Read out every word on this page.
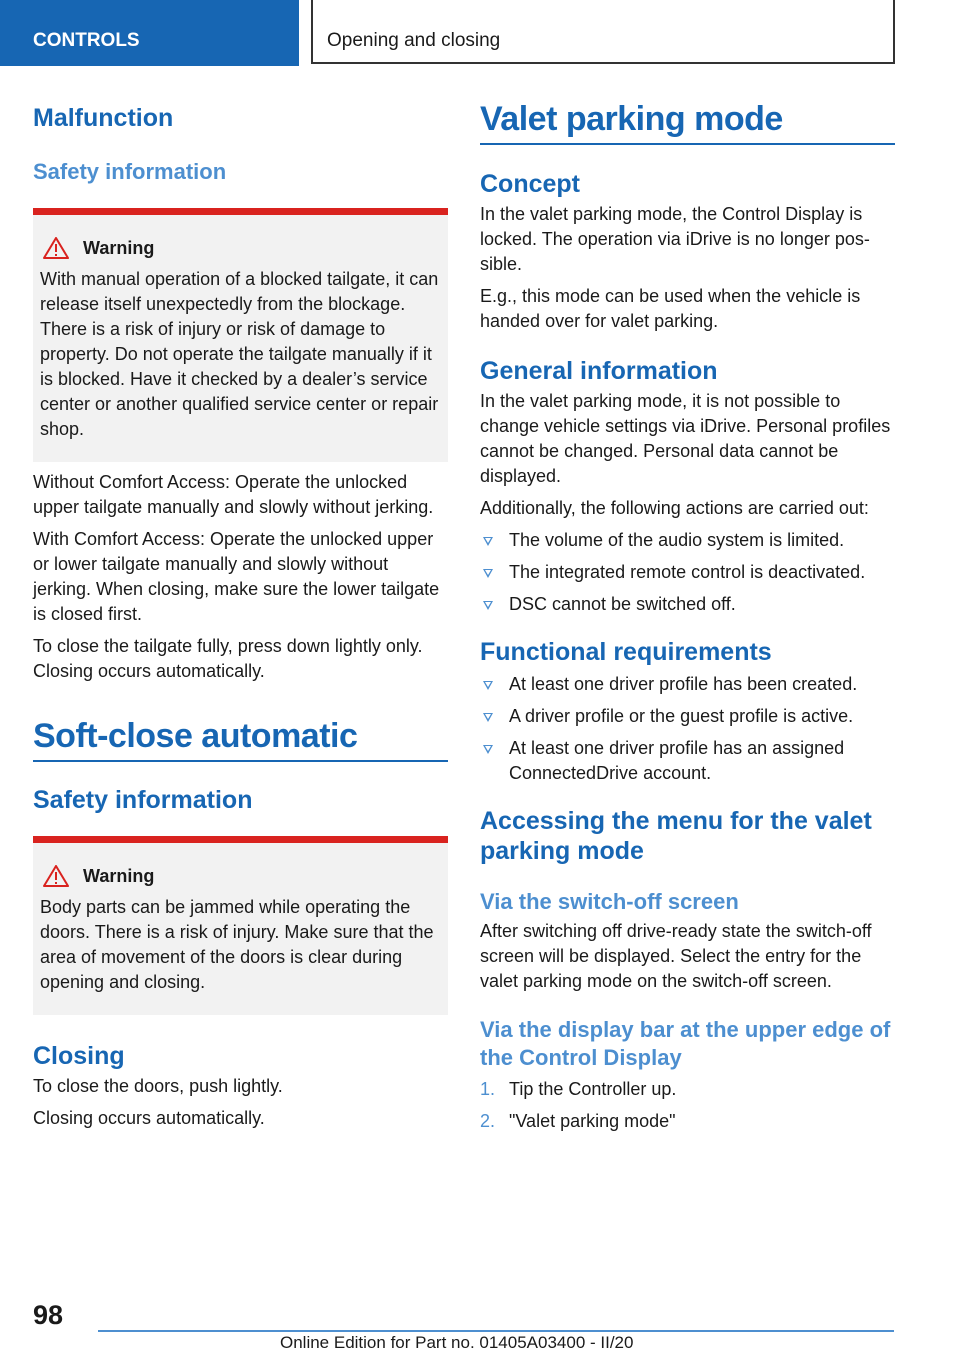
CONTROLS	Opening and closing
Malfunction
Safety information
Warning
With manual operation of a blocked tailgate, it can release itself unexpectedly from the blockage. There is a risk of injury or risk of damage to property. Do not operate the tailgate manually if it is blocked. Have it checked by a dealer’s service center or another qualified service center or repair shop.

Without Comfort Access: Operate the unlocked upper tailgate manually and slowly without jerking.

With Comfort Access: Operate the unlocked upper or lower tailgate manually and slowly without jerking. When closing, make sure the lower tailgate is closed first.

To close the tailgate fully, press down lightly only. Closing occurs automatically.

Soft-close automatic
Safety information
Warning
Body parts can be jammed while operating the doors. There is a risk of injury. Make sure that the area of movement of the doors is clear during opening and closing.
Closing

To close the doors, push lightly.

Closing occurs automatically.

Valet parking mode
Concept

In the valet parking mode, the Control Display is locked. The operation via iDrive is no longer possible.

E.g., this mode can be used when the vehicle is handed over for valet parking.

General information

In the valet parking mode, it is not possible to change vehicle settings via iDrive. Personal profiles cannot be changed. Personal data cannot be displayed.

Additionally, the following actions are carried out:

The volume of the audio system is limited.
The integrated remote control is deactivated.
DSC cannot be switched off.
Functional requirements
At least one driver profile has been created.
A driver profile or the guest profile is active.
At least one driver profile has an assigned ConnectedDrive account.
Accessing the menu for the valet parking mode
Via the switch-off screen

After switching off drive-ready state the switch-off screen will be displayed. Select the entry for the valet parking mode on the switch-off screen.

Via the display bar at the upper edge of the Control Display
1. Tip the Controller up.
2. "Valet parking mode"
98
Online Edition for Part no. 01405A03400 - II/20
